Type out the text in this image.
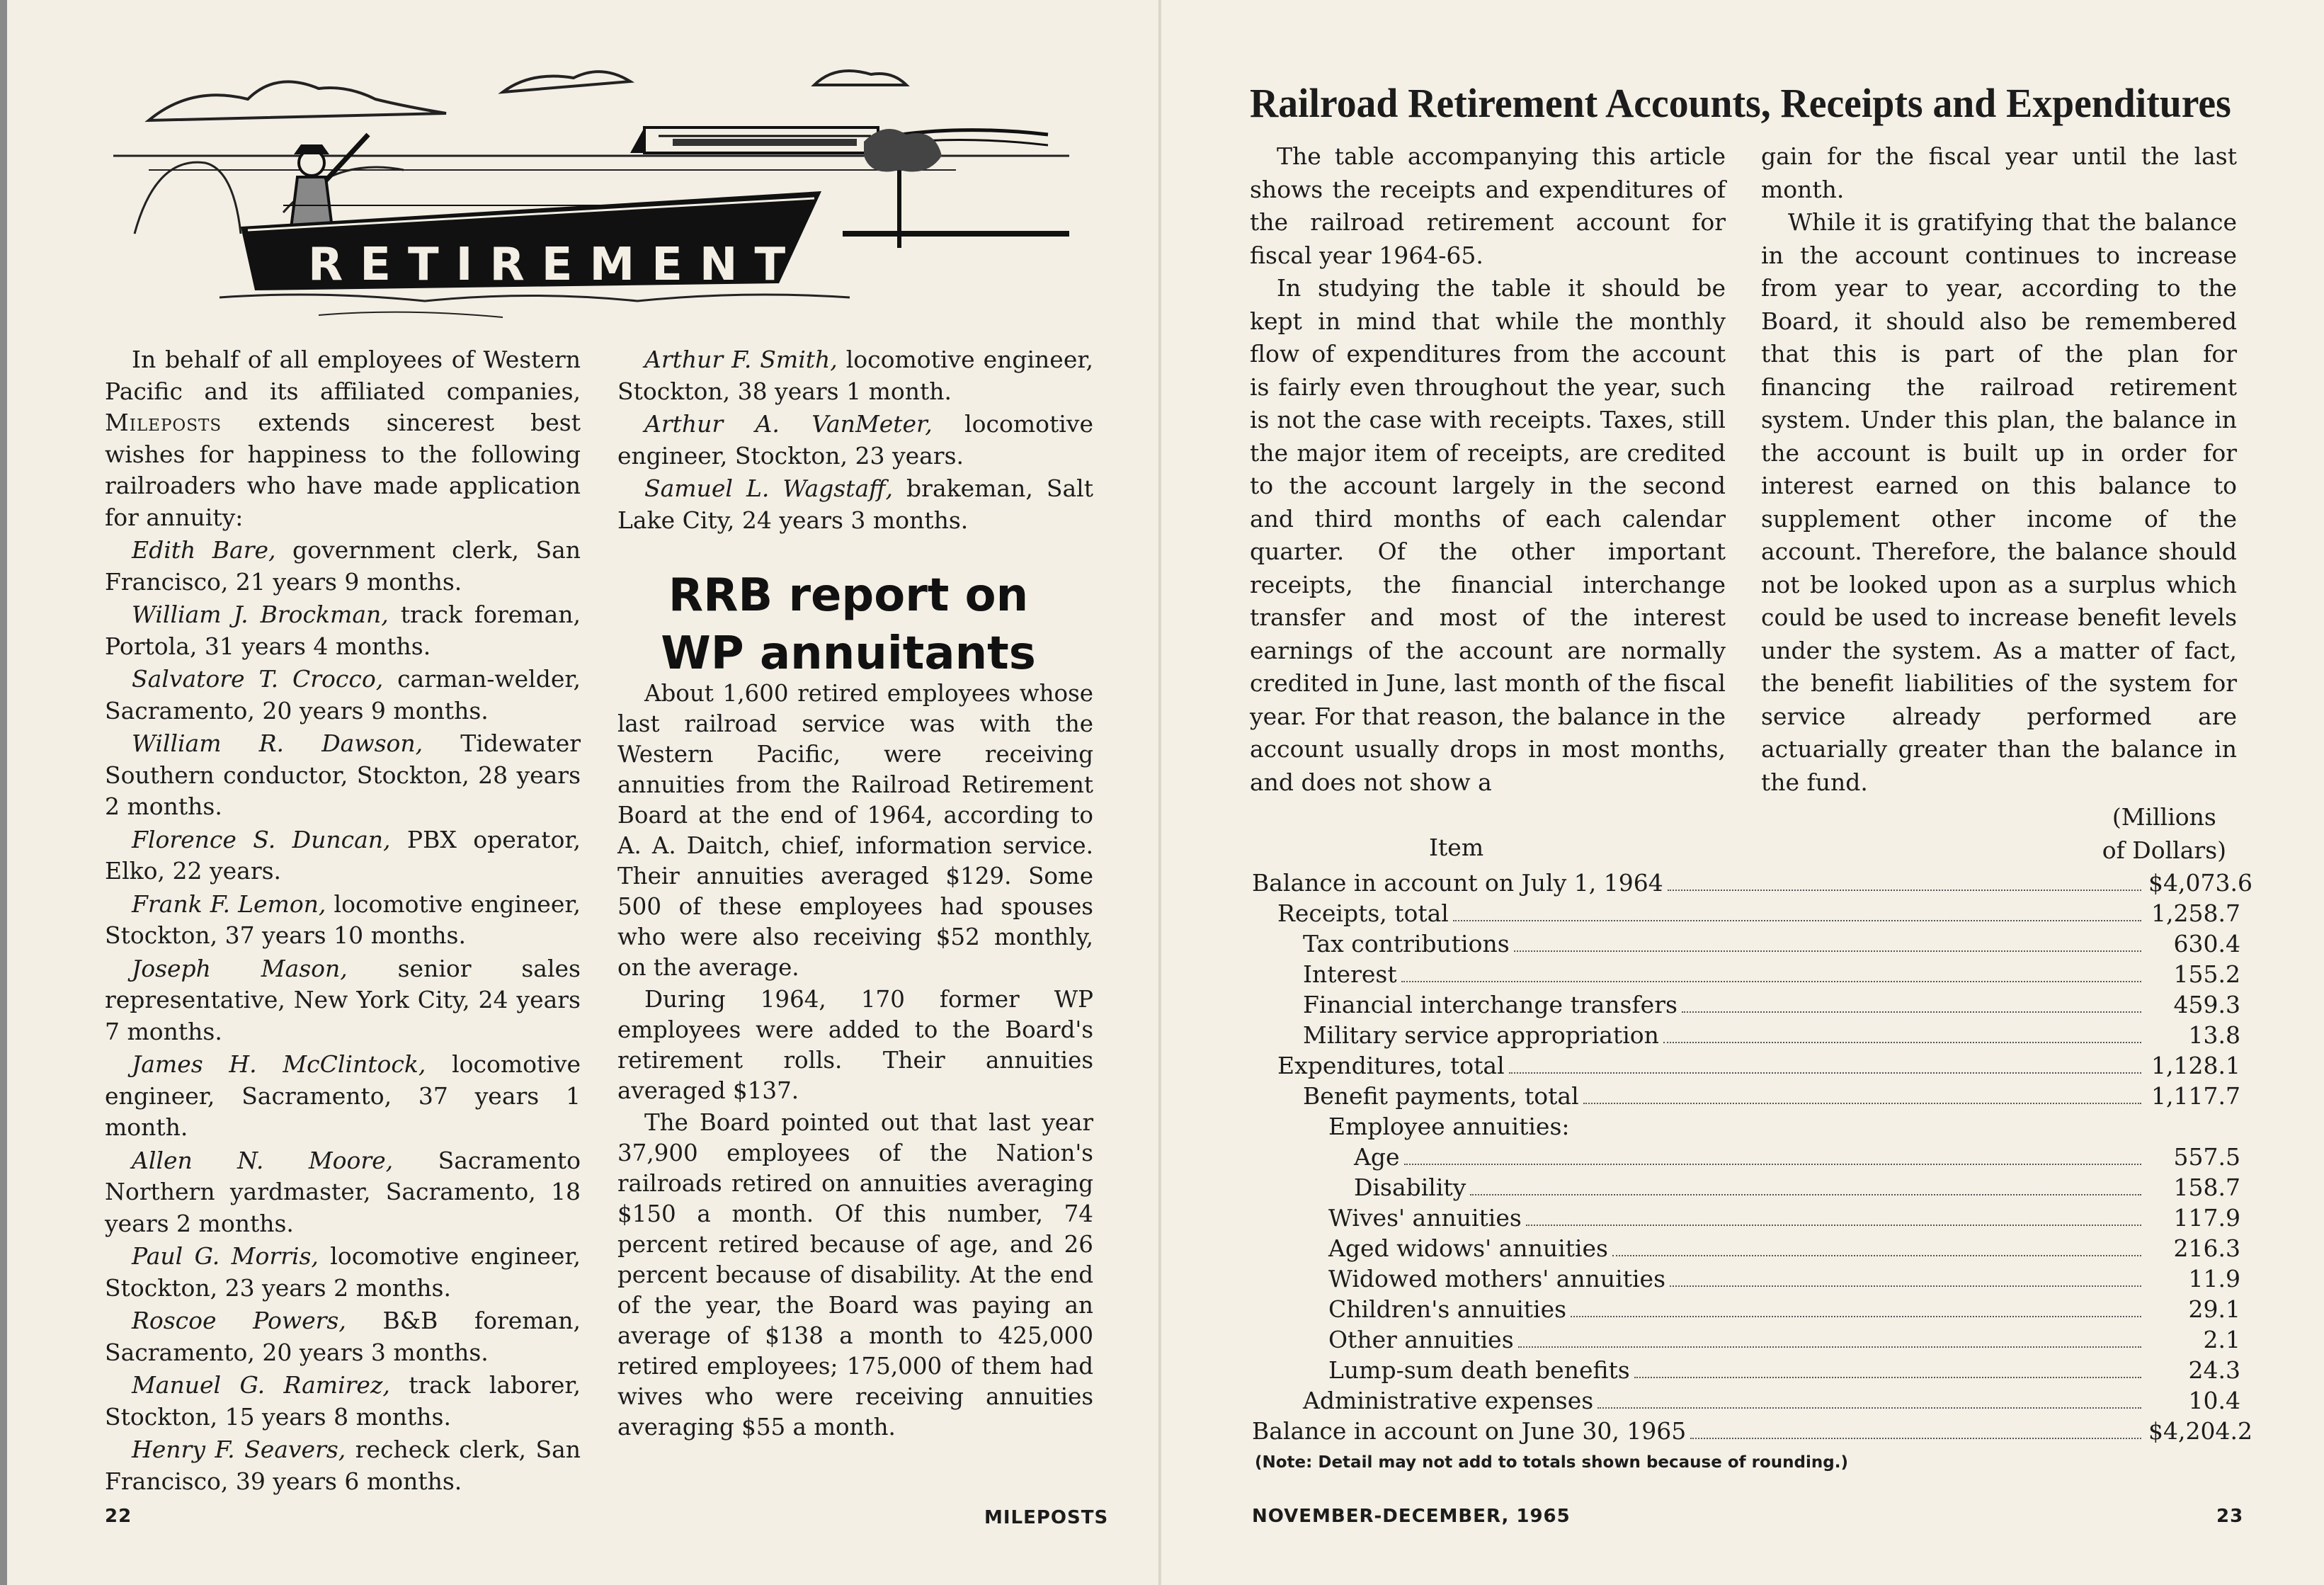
RETIREMENT

In behalf of all employees of Western Pacific and its affiliated companies, Mileposts extends sincerest best wishes for happiness to the following railroaders who have made application for annuity:

Edith Bare, government clerk, San Francisco, 21 years 9 months.

William J. Brockman, track foreman, Portola, 31 years 4 months.

Salvatore T. Crocco, carman-welder, Sacramento, 20 years 9 months.

William R. Dawson, Tidewater Southern conductor, Stockton, 28 years 2 months.

Florence S. Duncan, PBX operator, Elko, 22 years.

Frank F. Lemon, locomotive engineer, Stockton, 37 years 10 months.

Joseph Mason, senior sales representative, New York City, 24 years 7 months.

James H. McClintock, locomotive engineer, Sacramento, 37 years 1 month.

Allen N. Moore, Sacramento Northern yardmaster, Sacramento, 18 years 2 months.

Paul G. Morris, locomotive engineer, Stockton, 23 years 2 months.

Roscoe Powers, B&B foreman, Sacramento, 20 years 3 months.

Manuel G. Ramirez, track laborer, Stockton, 15 years 8 months.

Henry F. Seavers, recheck clerk, San Francisco, 39 years 6 months.

Arthur F. Smith, locomotive engineer, Stockton, 38 years 1 month.

Arthur A. VanMeter, locomotive engineer, Stockton, 23 years.

Samuel L. Wagstaff, brakeman, Salt Lake City, 24 years 3 months.

RRB report on
WP annuitants

About 1,600 retired employees whose last railroad service was with the Western Pacific, were receiving annuities from the Railroad Retirement Board at the end of 1964, according to A. A. Daitch, chief, information service. Their annuities averaged $129. Some 500 of these employees had spouses who were also receiving $52 monthly, on the average.

During 1964, 170 former WP employees were added to the Board's retirement rolls. Their annuities averaged $137.

The Board pointed out that last year 37,900 employees of the Nation's railroads retired on annuities averaging $150 a month. Of this number, 74 percent retired because of age, and 26 percent because of disability. At the end of the year, the Board was paying an average of $138 a month to 425,000 retired employees; 175,000 of them had wives who were receiving annuities averaging $55 a month.

22	MILEPOSTS
Railroad Retirement Accounts, Receipts and Expenditures

The table accompanying this article shows the receipts and expenditures of the railroad retirement account for fiscal year 1964-65.

In studying the table it should be kept in mind that while the monthly flow of expenditures from the account is fairly even throughout the year, such is not the case with receipts. Taxes, still the major item of receipts, are credited to the account largely in the second and third months of each calendar quarter. Of the other important receipts, the financial interchange transfer and most of the interest earnings of the account are normally credited in June, last month of the fiscal year. For that reason, the balance in the account usually drops in most months, and does not show a

gain for the fiscal year until the last month.

While it is gratifying that the balance in the account continues to increase from year to year, according to the Board, it should also be remembered that this is part of the plan for financing the railroad retirement system. Under this plan, the balance in the account is built up in order for interest earned on this balance to supplement other income of the account. Therefore, the balance should not be looked upon as a surplus which could be used to increase benefit levels under the system. As a matter of fact, the benefit liabilities of the system for service already performed are actuarially greater than the balance in the fund.

Item
(Millions
of Dollars)
Balance in account on July 1, 1964	$4,073.6
Receipts, total	1,258.7
Tax contributions	630.4
Interest	155.2
Financial interchange transfers	459.3
Military service appropriation	13.8
Expenditures, total	1,128.1
Benefit payments, total	1,117.7
Employee annuities:
Age	557.5
Disability	158.7
Wives' annuities	117.9
Aged widows' annuities	216.3
Widowed mothers' annuities	11.9
Children's annuities	29.1
Other annuities	2.1
Lump-sum death benefits	24.3
Administrative expenses	10.4
Balance in account on June 30, 1965	$4,204.2
(Note: Detail may not add to totals shown because of rounding.)
NOVEMBER-DECEMBER, 1965	23
